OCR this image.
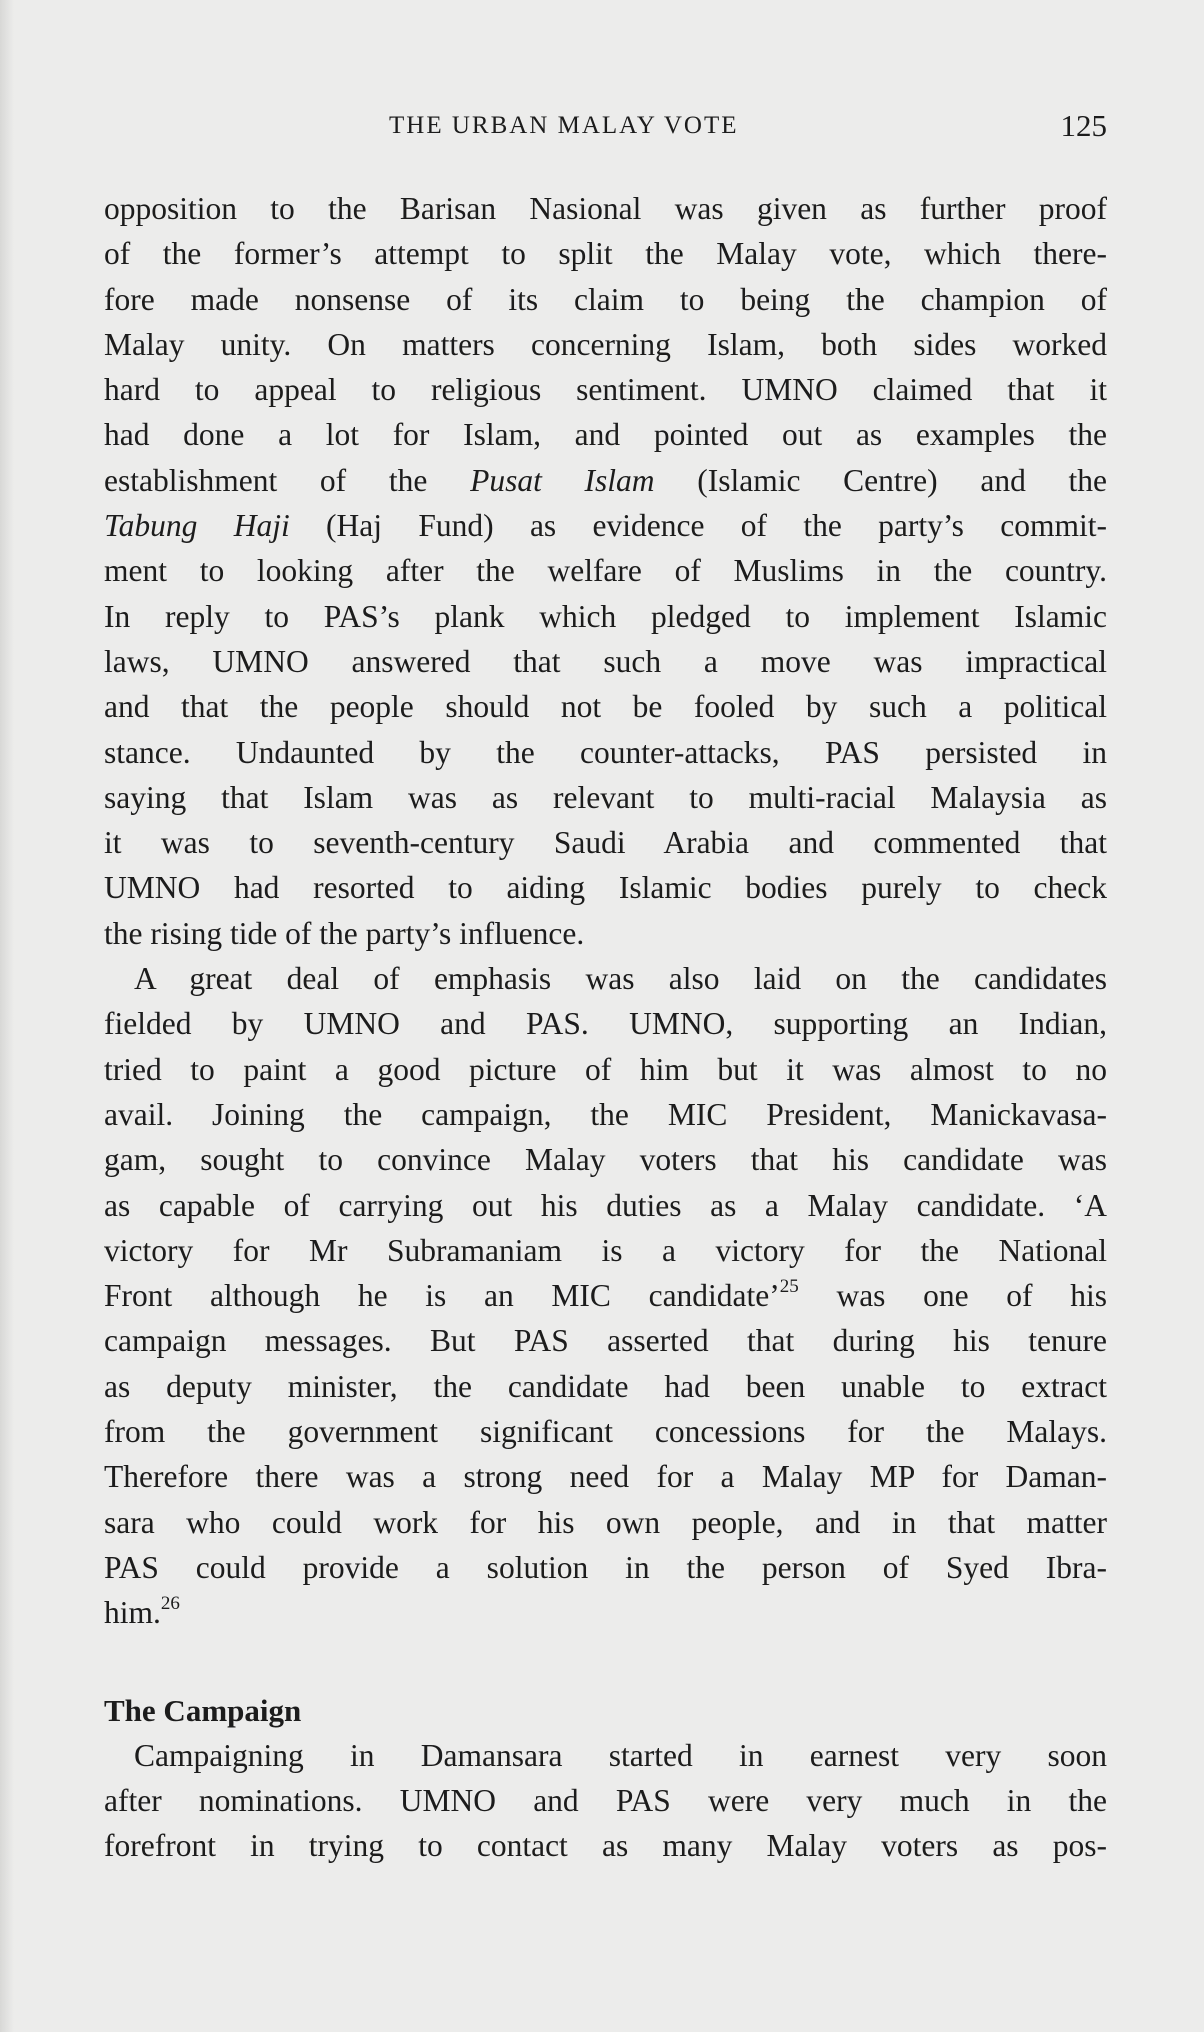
THE URBAN MALAY VOTE	125
opposition to the Barisan Nasional was given as further proof
of the former’s attempt to split the Malay vote, which there-
fore made nonsense of its claim to being the champion of
Malay unity. On matters concerning Islam, both sides worked
hard to appeal to religious sentiment. UMNO claimed that it
had done a lot for Islam, and pointed out as examples the
establishment of the Pusat Islam (Islamic Centre) and the
Tabung Haji (Haj Fund) as evidence of the party’s commit-
ment to looking after the welfare of Muslims in the country.
In reply to PAS’s plank which pledged to implement Islamic
laws, UMNO answered that such a move was impractical
and that the people should not be fooled by such a political
stance. Undaunted by the counter-attacks, PAS persisted in
saying that Islam was as relevant to multi-racial Malaysia as
it was to seventh-century Saudi Arabia and commented that
UMNO had resorted to aiding Islamic bodies purely to check
the rising tide of the party’s influence.
A great deal of emphasis was also laid on the candidates
fielded by UMNO and PAS. UMNO, supporting an Indian,
tried to paint a good picture of him but it was almost to no
avail. Joining the campaign, the MIC President, Manickavasa-
gam, sought to convince Malay voters that his candidate was
as capable of carrying out his duties as a Malay candidate. ‘A
victory for Mr Subramaniam is a victory for the National
Front although he is an MIC candidate’$^{25}$ was one of his
campaign messages. But PAS asserted that during his tenure
as deputy minister, the candidate had been unable to extract
from the government significant concessions for the Malays.
Therefore there was a strong need for a Malay MP for Daman-
sara who could work for his own people, and in that matter
PAS could provide a solution in the person of Syed Ibra-
him.$^{26}$
The Campaign
Campaigning in Damansara started in earnest very soon
after nominations. UMNO and PAS were very much in the
forefront in trying to contact as many Malay voters as pos-
